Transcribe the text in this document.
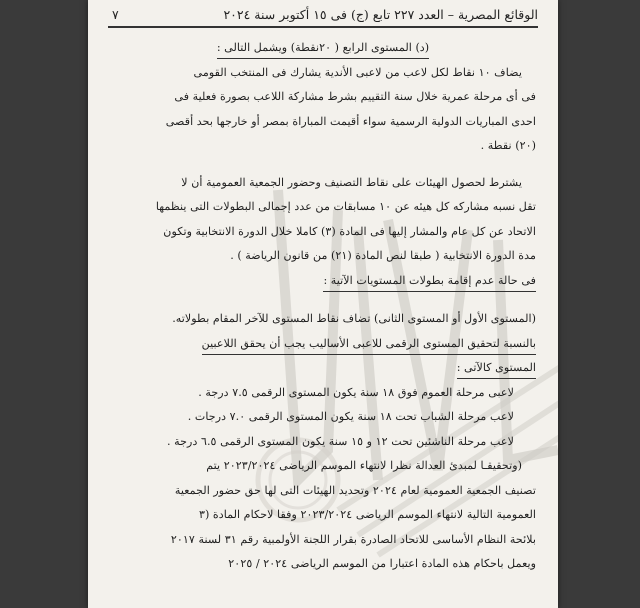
الوقائع المصرية – العدد ٢٢٧ تابع (ج) فى ١٥ أكتوبر سنة ٢٠٢٤
٧
(د) المستوى الرابع ( ٢٠نقطة) ويشمل التالى :
يضاف ١٠ نقاط لكل لاعب من لاعبى الأندية يشارك فى المنتخب القومى
فى أى مرحلة عمرية خلال سنة التقييم بشرط مشاركة اللاعب بصورة فعلية فى
احدى المباريات الدولية الرسمية سواء أقيمت المباراة بمصر أو خارجها بحد أقصى
(٢٠) نقطة .
يشترط لحصول الهيئات على نقاط التصنيف وحضور الجمعية العمومية أن لا
تقل نسبه مشاركه كل هيئه عن ١٠ مسابقات من عدد إجمالى البطولات التى ينظمها
الاتحاد عن كل عام والمشار إليها فى المادة (٣) كاملا خلال الدورة الانتخابية وتكون
مدة الدورة الانتخابية ( طبقا لنص المادة (٢١) من قانون الرياضة ) .
فى حالة عدم إقامة بطولات المستويات الآتية :
(المستوى الأول أو المستوى الثانى) تضاف نقاط المستوى للآخر المقام بطولاته.
بالنسبة لتحقيق المستوى الرقمى للاعبى الأساليب يجب أن يحقق اللاعبين
المستوى كالآتى :
لاعبى مرحلة العموم فوق ١٨ سنة يكون المستوى الرقمى ٧.٥ درجة .
لاعب مرحلة الشباب تحت ١٨ سنة يكون المستوى الرقمى ٧.٠ درجات .
لاعب مرحلة الناشئين تحت ١٢ و ١٥ سنة يكون المستوى الرقمى ٦.٥ درجة .
(وتحقيقـا لمبدئ العدالة نظرا لانتهاء الموسم الرياضى ٢٠٢٣/٢٠٢٤ يتم
تصنيف الجمعية العمومية لعام ٢٠٢٤ وتحديد الهيئات التى لها حق حضور الجمعية
العمومية التالية لانتهاء الموسم الرياضى ٢٠٢٣/٢٠٢٤ وفقا لاحكام المادة (٣
بلائحة النظام الأساسى للاتحاد الصادرة بقرار اللجنة الأولمبية رقم ٣١ لسنة ٢٠١٧
ويعمل باحكام هذه المادة اعتبارا من الموسم الرياضى ٢٠٢٤ / ٢٠٢٥
